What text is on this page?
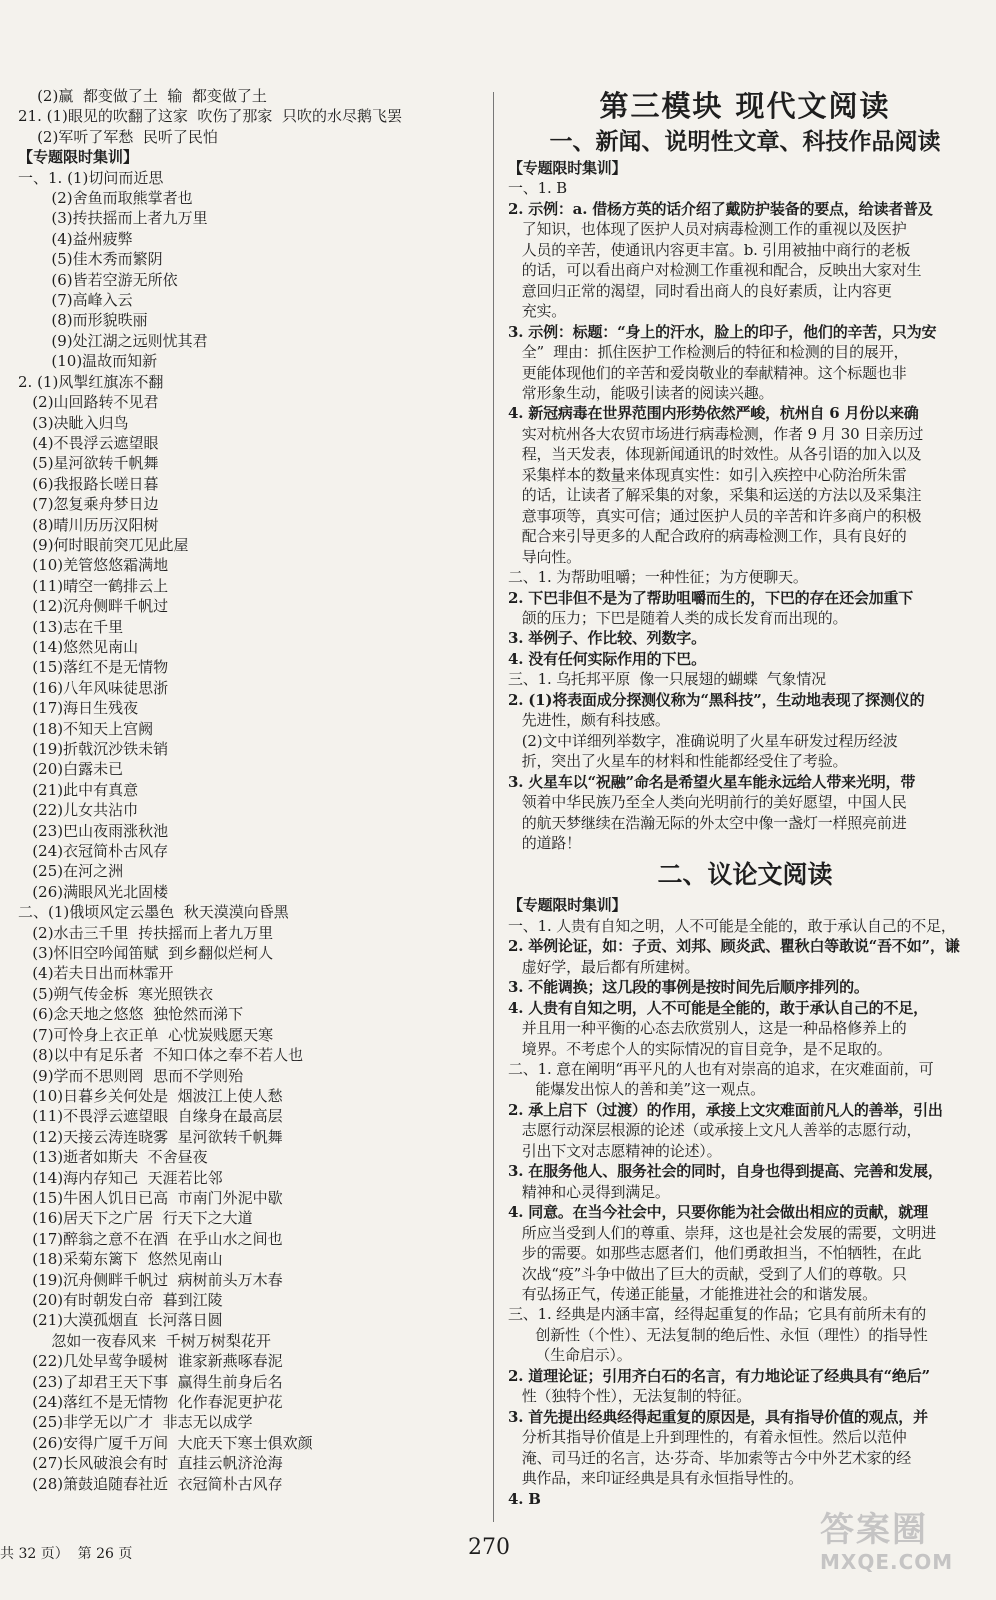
(2)赢  都变做了土  输  都变做了土
21. (1)眼见的吹翻了这家  吹伤了那家  只吹的水尽鹅飞罢
(2)军听了军愁  民听了民怕
【专题限时集训】
一、1. (1)切问而近思
(2)舍鱼而取熊掌者也
(3)抟扶摇而上者九万里
(4)益州疲弊
(5)佳木秀而繁阴
(6)皆若空游无所依
(7)高峰入云
(8)而形貌昳丽
(9)处江湖之远则忧其君
(10)温故而知新
2. (1)风掣红旗冻不翻
(2)山回路转不见君
(3)决眦入归鸟
(4)不畏浮云遮望眼
(5)星河欲转千帆舞
(6)我报路长嗟日暮
(7)忽复乘舟梦日边
(8)晴川历历汉阳树
(9)何时眼前突兀见此屋
(10)羌管悠悠霜满地
(11)晴空一鹤排云上
(12)沉舟侧畔千帆过
(13)志在千里
(14)悠然见南山
(15)落红不是无情物
(16)八年风味徒思浙
(17)海日生残夜
(18)不知天上宫阙
(19)折戟沉沙铁未销
(20)白露未已
(21)此中有真意
(22)儿女共沾巾
(23)巴山夜雨涨秋池
(24)衣冠简朴古风存
(25)在河之洲
(26)满眼风光北固楼
二、(1)俄顷风定云墨色  秋天漠漠向昏黑
(2)水击三千里  抟扶摇而上者九万里
(3)怀旧空吟闻笛赋  到乡翻似烂柯人
(4)若夫日出而林霏开
(5)朔气传金柝  寒光照铁衣
(6)念天地之悠悠  独怆然而涕下
(7)可怜身上衣正单  心忧炭贱愿天寒
(8)以中有足乐者  不知口体之奉不若人也
(9)学而不思则罔  思而不学则殆
(10)日暮乡关何处是  烟波江上使人愁
(11)不畏浮云遮望眼  自缘身在最高层
(12)天接云涛连晓雾  星河欲转千帆舞
(13)逝者如斯夫  不舍昼夜
(14)海内存知己  天涯若比邻
(15)牛困人饥日已高  市南门外泥中歇
(16)居天下之广居  行天下之大道
(17)醉翁之意不在酒  在乎山水之间也
(18)采菊东篱下  悠然见南山
(19)沉舟侧畔千帆过  病树前头万木春
(20)有时朝发白帝  暮到江陵
(21)大漠孤烟直  长河落日圆
忽如一夜春风来  千树万树梨花开
(22)几处早莺争暖树  谁家新燕啄春泥
(23)了却君王天下事  赢得生前身后名
(24)落红不是无情物  化作春泥更护花
(25)非学无以广才  非志无以成学
(26)安得广厦千万间  大庇天下寒士俱欢颜
(27)长风破浪会有时  直挂云帆济沧海
(28)箫鼓追随春社近  衣冠简朴古风存
第三模块 现代文阅读
一、新闻、说明性文章、科技作品阅读
【专题限时集训】
一、1. B
2. 示例：a. 借杨方英的话介绍了戴防护装备的要点，给读者普及
了知识，也体现了医护人员对病毒检测工作的重视以及医护
人员的辛苦，使通讯内容更丰富。b. 引用被抽中商行的老板
的话，可以看出商户对检测工作重视和配合，反映出大家对生
意回归正常的渴望，同时看出商人的良好素质，让内容更
充实。
3. 示例：标题：“身上的汗水，脸上的印子，他们的辛苦，只为安
全”  理由：抓住医护工作检测后的特征和检测的目的展开，
更能体现他们的辛苦和爱岗敬业的奉献精神。这个标题也非
常形象生动，能吸引读者的阅读兴趣。
4. 新冠病毒在世界范围内形势依然严峻，杭州自 6 月份以来确
实对杭州各大农贸市场进行病毒检测，作者 9 月 30 日亲历过
程，当天发表，体现新闻通讯的时效性。从各引语的加入以及
采集样本的数量来体现真实性：如引入疾控中心防治所朱雷
的话，让读者了解采集的对象，采集和运送的方法以及采集注
意事项等，真实可信；通过医护人员的辛苦和许多商户的积极
配合来引导更多的人配合政府的病毒检测工作，具有良好的
导向性。
二、1. 为帮助咀嚼；一种性征；为方便聊天。
2. 下巴非但不是为了帮助咀嚼而生的，下巴的存在还会加重下
颌的压力；下巴是随着人类的成长发育而出现的。
3. 举例子、作比较、列数字。
4. 没有任何实际作用的下巴。
三、1. 乌托邦平原  像一只展翅的蝴蝶  气象情况
2. (1)将表面成分探测仪称为“黑科技”，生动地表现了探测仪的
先进性，颇有科技感。
(2)文中详细列举数字，准确说明了火星车研发过程历经波
折，突出了火星车的材料和性能都经受住了考验。
3. 火星车以“祝融”命名是希望火星车能永远给人带来光明，带
领着中华民族乃至全人类向光明前行的美好愿望，中国人民
的航天梦继续在浩瀚无际的外太空中像一盏灯一样照亮前进
的道路！
二、议论文阅读
【专题限时集训】
一、1. 人贵有自知之明，人不可能是全能的，敢于承认自己的不足，
2. 举例论证，如：子贡、刘邦、顾炎武、瞿秋白等敢说“吾不如”，谦
虚好学，最后都有所建树。
3. 不能调换；这几段的事例是按时间先后顺序排列的。
4. 人贵有自知之明，人不可能是全能的，敢于承认自己的不足，
并且用一种平衡的心态去欣赏别人，这是一种品格修养上的
境界。不考虑个人的实际情况的盲目竞争，是不足取的。
二、1. 意在阐明“再平凡的人也有对崇高的追求，在灾难面前，可
能爆发出惊人的善和美”这一观点。
2. 承上启下（过渡）的作用，承接上文灾难面前凡人的善举，引出
志愿行动深层根源的论述（或承接上文凡人善举的志愿行动，
引出下文对志愿精神的论述）。
3. 在服务他人、服务社会的同时，自身也得到提高、完善和发展，
精神和心灵得到满足。
4. 同意。在当今社会中，只要你能为社会做出相应的贡献，就理
所应当受到人们的尊重、崇拜，这也是社会发展的需要，文明进
步的需要。如那些志愿者们，他们勇敢担当，不怕牺牲，在此
次战“疫”斗争中做出了巨大的贡献，受到了人们的尊敬。只
有弘扬正气，传递正能量，才能推进社会的和谐发展。
三、1. 经典是内涵丰富，经得起重复的作品；它具有前所未有的
创新性（个性）、无法复制的绝后性、永恒（理性）的指导性
（生命启示）。
2. 道理论证；引用齐白石的名言，有力地论证了经典具有“绝后”
性（独特个性），无法复制的特征。
3. 首先提出经典经得起重复的原因是，具有指导价值的观点，并
分析其指导价值是上升到理性的，有着永恒性。然后以范仲
淹、司马迁的名言，达·芬奇、毕加索等古今中外艺术家的经
典作品，来印证经典是具有永恒指导性的。
4. B
共 32 页）  第 26 页	270	答案圈
MXQE.COM
